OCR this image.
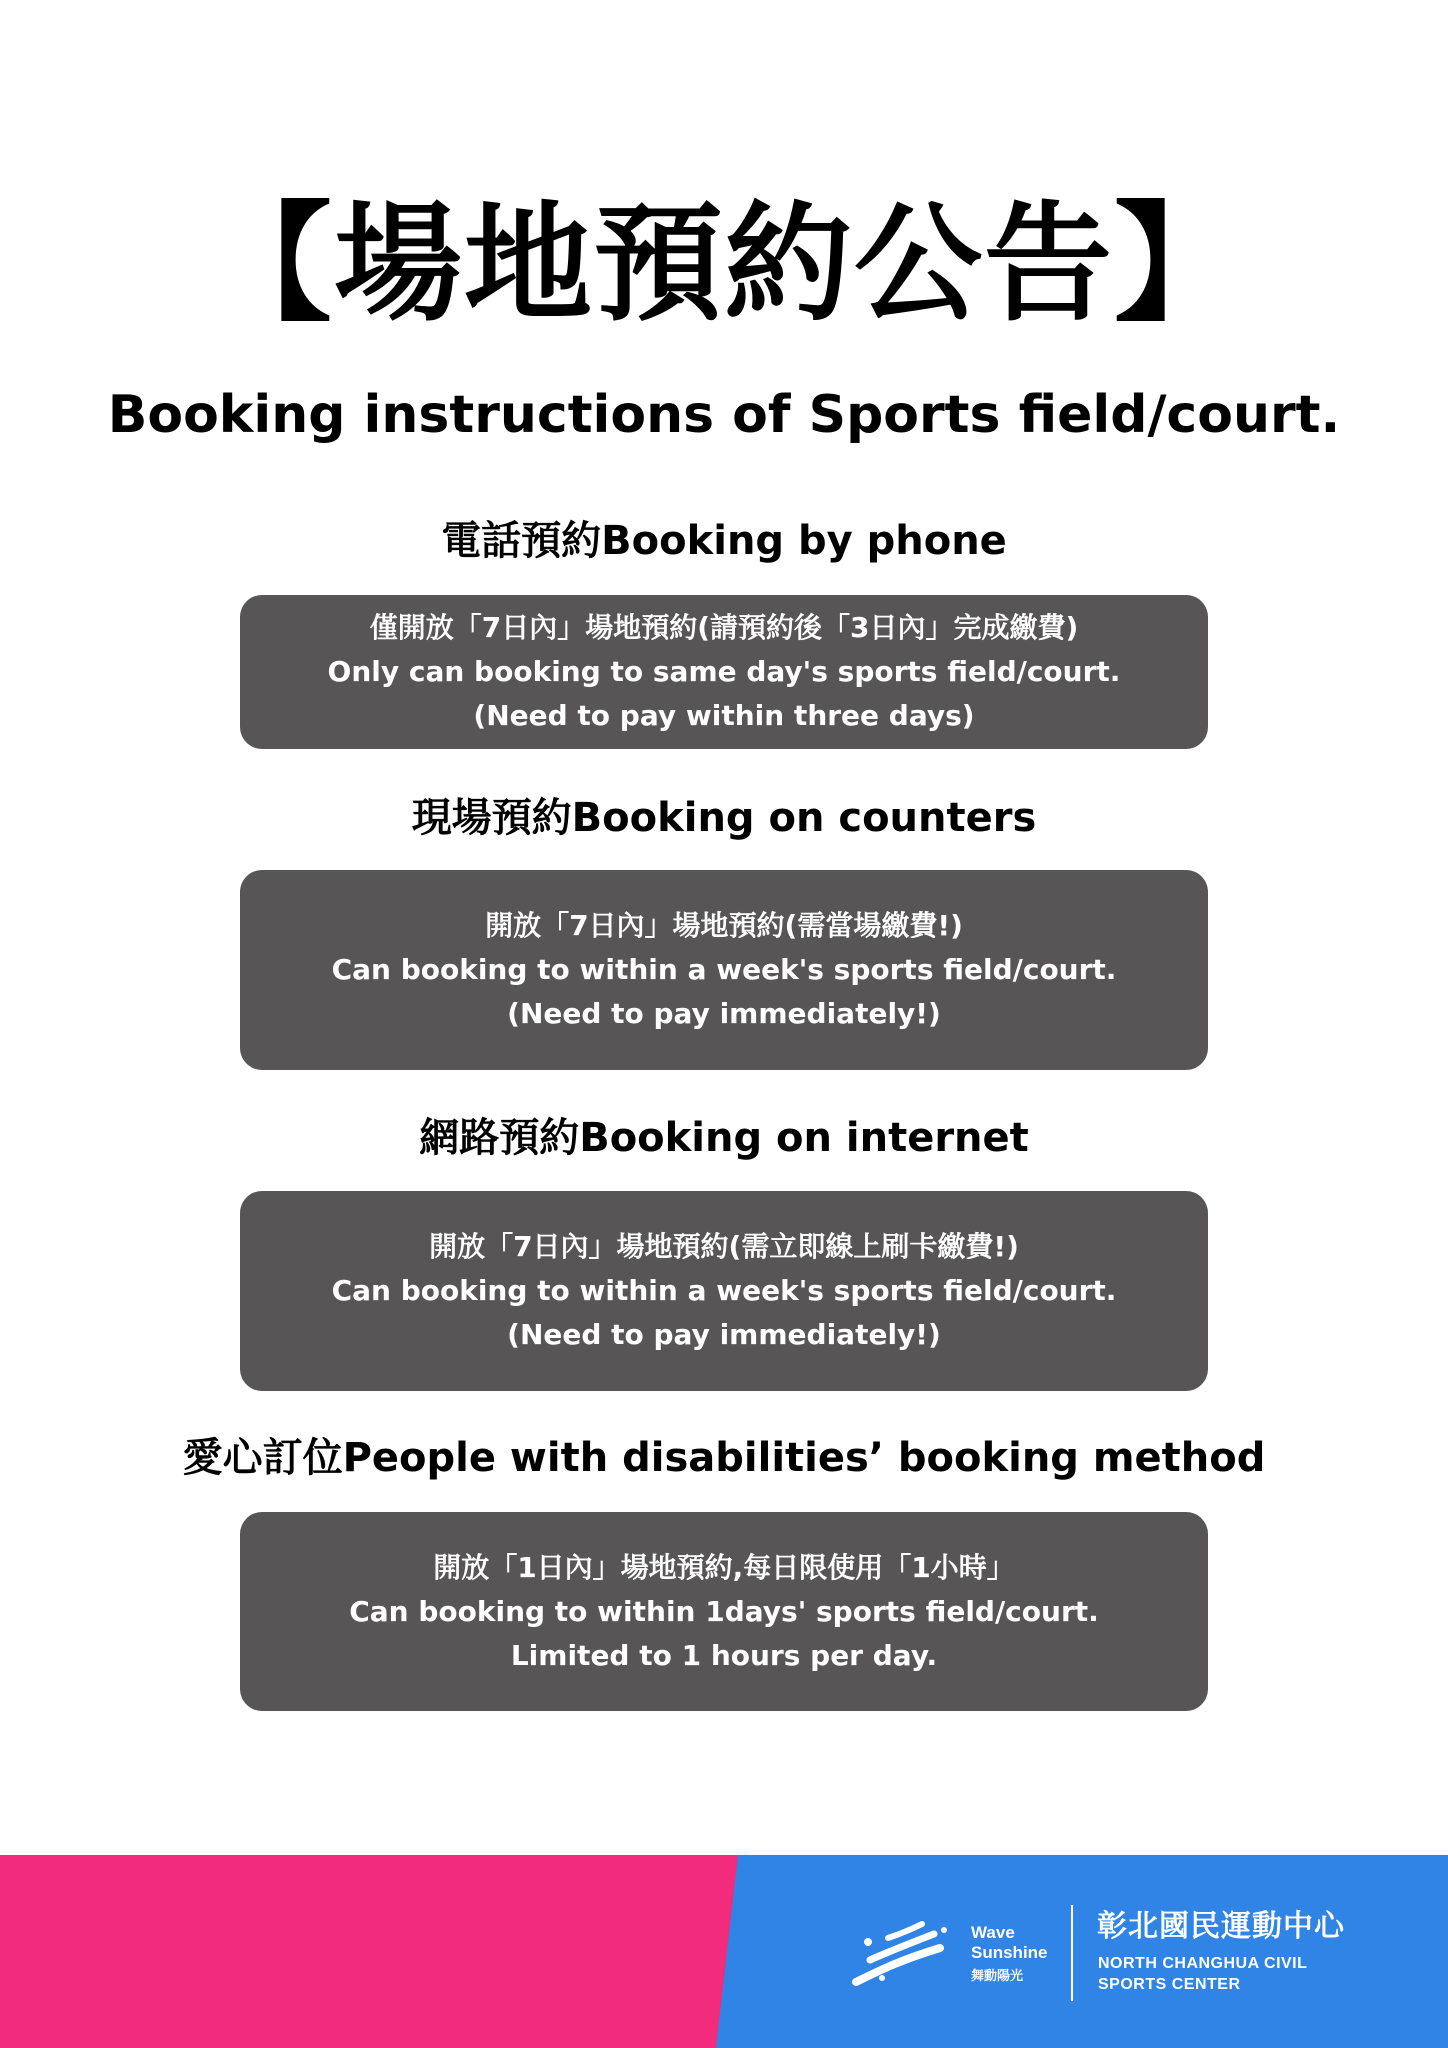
【場地預約公告】
Booking instructions of Sports field/court.
電話預約Booking by phone
僅開放「7日內」場地預約(請預約後「3日內」完成繳費)
Only can booking to same day's sports field/court.
(Need to pay within three days)
現場預約Booking on counters
開放「7日內」場地預約(需當場繳費!)
Can booking to within a week's sports field/court.
(Need to pay immediately!)
網路預約Booking on internet
開放「7日內」場地預約(需立即線上刷卡繳費!)
Can booking to within a week's sports field/court.
(Need to pay immediately!)
愛心訂位People with disabilities’ booking method
開放「1日內」場地預約,每日限使用「1小時」
Can booking to within 1days' sports field/court.
Limited to 1 hours per day.
Wave
Sunshine
舞動陽光
彰北國民運動中心
NORTH CHANGHUA CIVIL
SPORTS CENTER
